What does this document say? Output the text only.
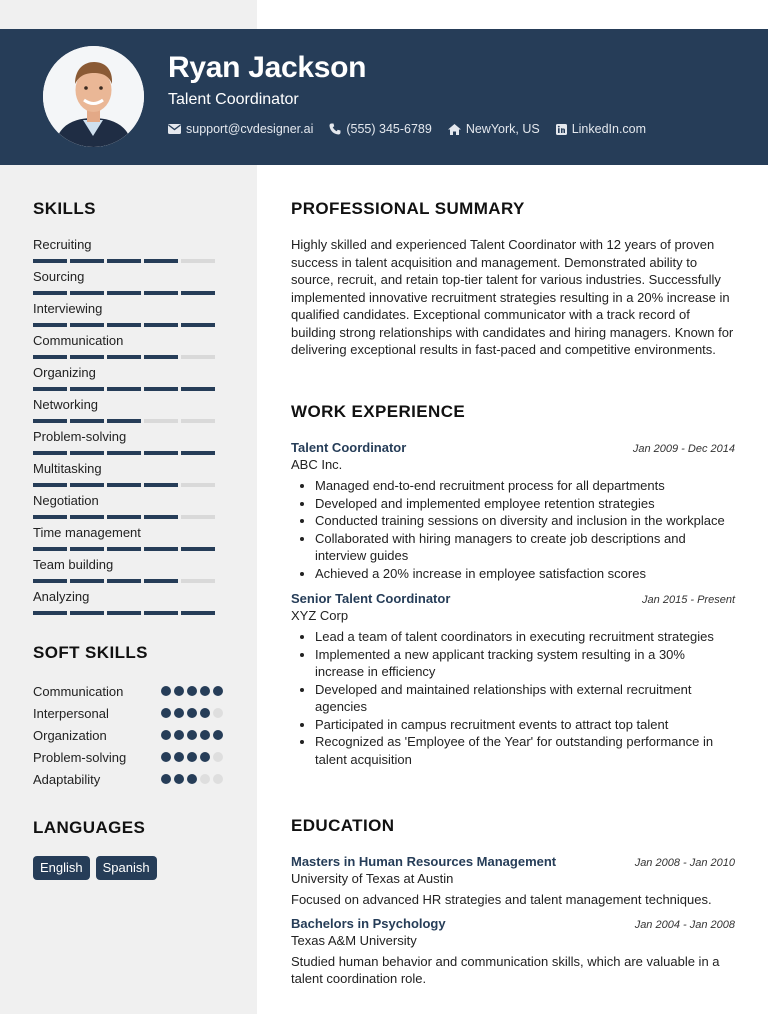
Ryan Jackson
Talent Coordinator
support@cvdesigner.ai	(555) 345-6789	NewYork, US	LinkedIn.com
SKILLS
Recruiting
Sourcing
Interviewing
Communication
Organizing
Networking
Problem-solving
Multitasking
Negotiation
Time management
Team building
Analyzing
SOFT SKILLS
Communication
Interpersonal
Organization
Problem-solving
Adaptability
LANGUAGES
English	Spanish
PROFESSIONAL SUMMARY

Highly skilled and experienced Talent Coordinator with 12 years of proven success in talent acquisition and management. Demonstrated ability to source, recruit, and retain top-tier talent for various industries. Successfully implemented innovative recruitment strategies resulting in a 20% increase in qualified candidates. Exceptional communicator with a track record of building strong relationships with candidates and hiring managers. Known for delivering exceptional results in fast-paced and competitive environments.

WORK EXPERIENCE
Talent Coordinator	Jan 2009 - Dec 2014
ABC Inc.
• Managed end-to-end recruitment process for all departments
• Developed and implemented employee retention strategies
• Conducted training sessions on diversity and inclusion in the workplace
• Collaborated with hiring managers to create job descriptions and interview guides
• Achieved a 20% increase in employee satisfaction scores
Senior Talent Coordinator	Jan 2015 - Present
XYZ Corp
• Lead a team of talent coordinators in executing recruitment strategies
• Implemented a new applicant tracking system resulting in a 30% increase in efficiency
• Developed and maintained relationships with external recruitment agencies
• Participated in campus recruitment events to attract top talent
• Recognized as 'Employee of the Year' for outstanding performance in talent acquisition
EDUCATION
Masters in Human Resources Management	Jan 2008 - Jan 2010
University of Texas at Austin

Focused on advanced HR strategies and talent management techniques.

Bachelors in Psychology	Jan 2004 - Jan 2008
Texas A&M University

Studied human behavior and communication skills, which are valuable in a talent coordination role.
